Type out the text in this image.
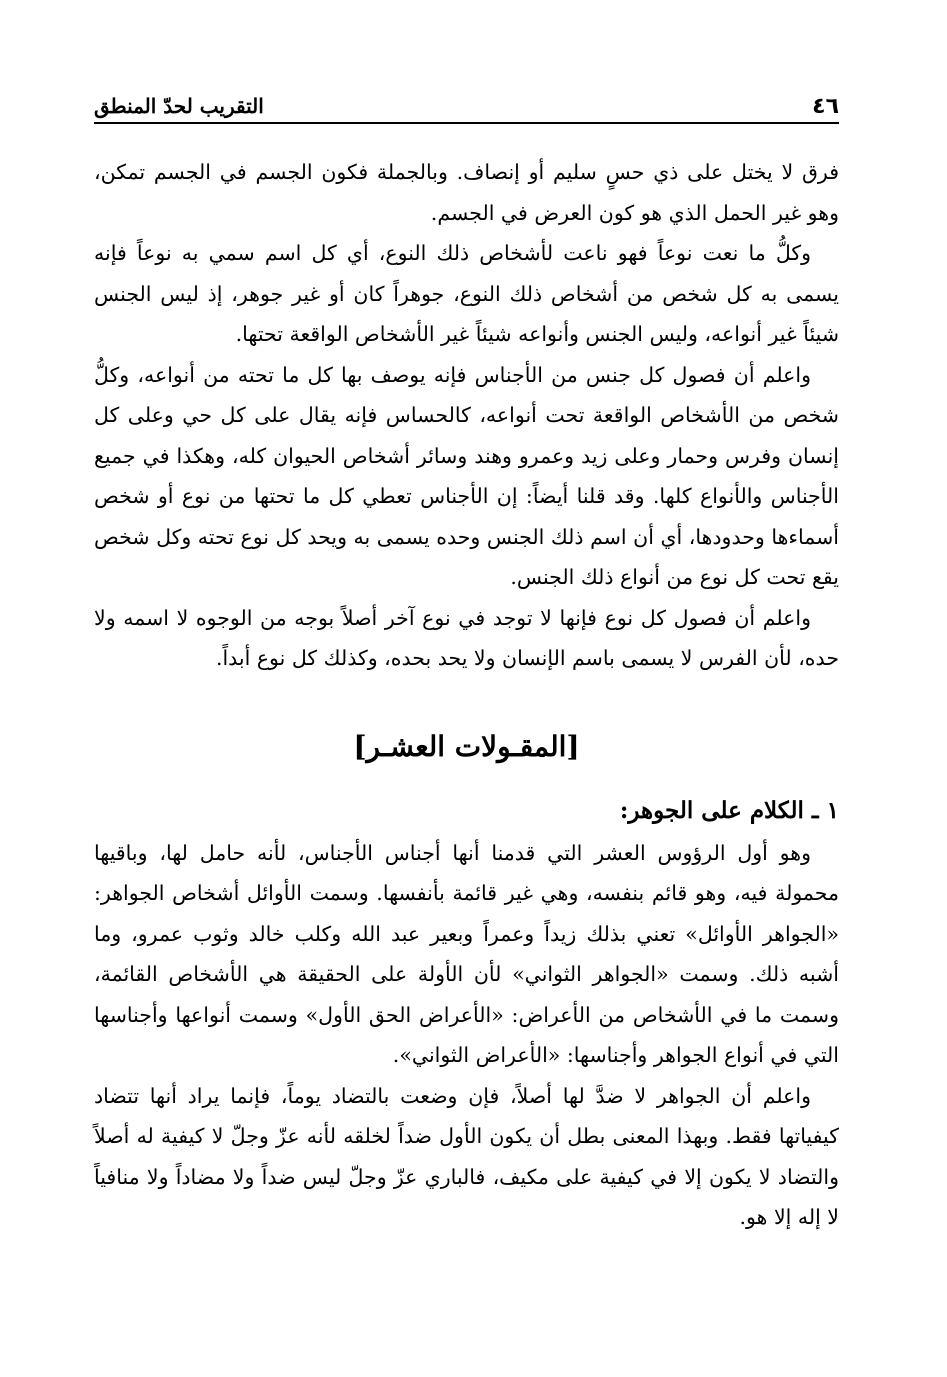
٤٦
التقريب لحدّ المنطق

فرق لا يختل على ذي حسٍ سليم أو إنصاف. وبالجملة فكون الجسم في الجسم تمكن، وهو غير الحمل الذي هو كون العرض في الجسم.

وكلُّ ما نعت نوعاً فهو ناعت لأشخاص ذلك النوع، أي كل اسم سمي به نوعاً فإنه يسمى به كل شخص من أشخاص ذلك النوع، جوهراً كان أو غير جوهر، إذ ليس الجنس شيئاً غير أنواعه، وليس الجنس وأنواعه شيئاً غير الأشخاص الواقعة تحتها.

واعلم أن فصول كل جنس من الأجناس فإنه يوصف بها كل ما تحته من أنواعه، وكلُّ شخص من الأشخاص الواقعة تحت أنواعه، كالحساس فإنه يقال على كل حي وعلى كل إنسان وفرس وحمار وعلى زيد وعمرو وهند وسائر أشخاص الحيوان كله، وهكذا في جميع الأجناس والأنواع كلها. وقد قلنا أيضاً: إن الأجناس تعطي كل ما تحتها من نوع أو شخص أسماءها وحدودها، أي أن اسم ذلك الجنس وحده يسمى به ويحد كل نوع تحته وكل شخص يقع تحت كل نوع من أنواع ذلك الجنس.

واعلم أن فصول كل نوع فإنها لا توجد في نوع آخر أصلاً بوجه من الوجوه لا اسمه ولا حده، لأن الفرس لا يسمى باسم الإنسان ولا يحد بحده، وكذلك كل نوع أبداً.

[المقـولات العشـر]
١ ـ الكلام على الجوهر:

وهو أول الرؤوس العشر التي قدمنا أنها أجناس الأجناس، لأنه حامل لها، وباقيها محمولة فيه، وهو قائم بنفسه، وهي غير قائمة بأنفسها. وسمت الأوائل أشخاص الجواهر: «الجواهر الأوائل» تعني بذلك زيداً وعمراً وبعير عبد الله وكلب خالد وثوب عمرو، وما أشبه ذلك. وسمت «الجواهر الثواني» لأن الأولة على الحقيقة هي الأشخاص القائمة، وسمت ما في الأشخاص من الأعراض: «الأعراض الحق الأول» وسمت أنواعها وأجناسها التي في أنواع الجواهر وأجناسها: «الأعراض الثواني».

واعلم أن الجواهر لا ضدَّ لها أصلاً، فإن وضعت بالتضاد يوماً، فإنما يراد أنها تتضاد كيفياتها فقط. وبهذا المعنى بطل أن يكون الأول ضداً لخلقه لأنه عزّ وجلّ لا كيفية له أصلاً والتضاد لا يكون إلا في كيفية على مكيف، فالباري عزّ وجلّ ليس ضداً ولا مضاداً ولا منافياً لا إله إلا هو.
